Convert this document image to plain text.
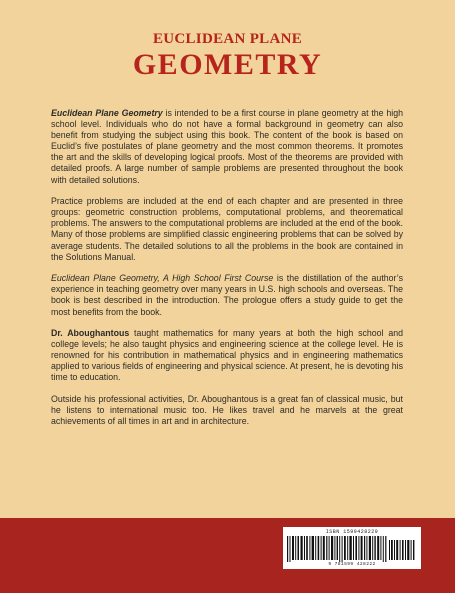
EUCLIDEAN PLANE
GEOMETRY

Euclidean Plane Geometry is intended to be a first course in plane geometry at the high school level. Individuals who do not have a formal background in geometry can also benefit from studying the subject using this book. The content of the book is based on Euclid’s five postulates of plane geometry and the most common theorems. It promotes the art and the skills of developing logical proofs. Most of the theorems are provided with detailed proofs. A large number of sample problems are presented throughout the book with detailed solutions.

Practice problems are included at the end of each chapter and are presented in three groups: geometric construction problems, computational problems, and theorematical problems. The answers to the computational problems are included at the end of the book. Many of those problems are simplified classic engineering problems that can be solved by average students. The detailed solutions to all the problems in the book are contained in the Solutions Manual.

Euclidean Plane Geometry, A High School First Course is the distillation of the author’s experience in teaching geometry over many years in U.S. high schools and overseas. The book is best described in the introduction. The prologue offers a study guide to get the most benefits from the book.

Dr. Aboughantous taught mathematics for many years at both the high school and college levels; he also taught physics and engineering science at the college level. He is renowned for his contribution in mathematical physics and in engineering mathematics applied to various fields of engineering and physical science. At present, he is devoting his time to education.

Outside his professional activities, Dr. Aboughantous is a great fan of classical music, but he listens to international music too. He likes travel and he marvels at the great achievements of all times in art and in architecture.

ISBN 1599428229
9 781599 428222
